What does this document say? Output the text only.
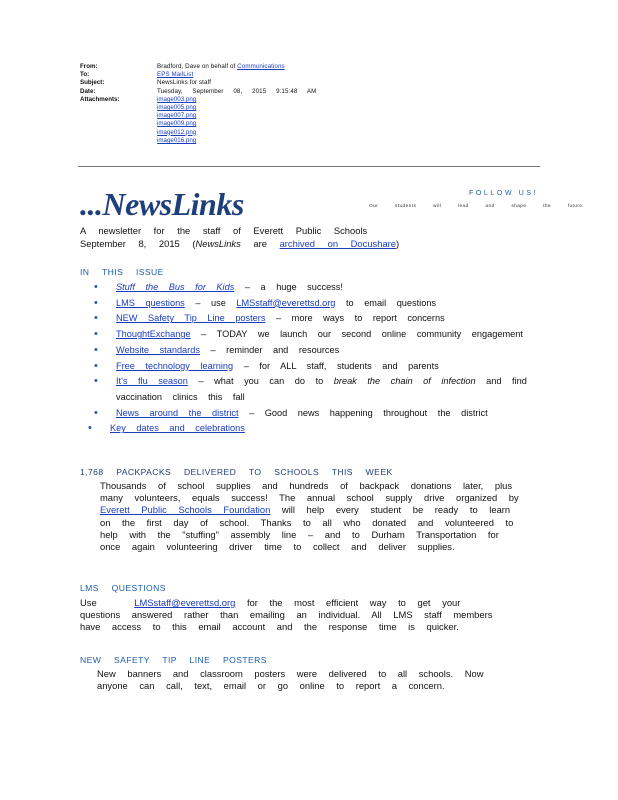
From:	Bradford, Dave on behalf of Communications
To:	EPS MailList
Subject:	NewsLinks for staff
Date:	Tuesday, September 08, 2015 9:15:48 AM
Attachments:	image003.png
image005.png
image007.png
image009.png
image012.png
image016.png
...NewsLinks	FOLLOW US!
Our students will lead and shape the future.
A newsletter for the staff of Everett Public Schools
September 8, 2015 (NewsLinks are archived on Docushare)
IN THIS ISSUE
• Stuff the Bus for Kids – a huge success!
• LMS questions – use LMSstaff@everettsd.org to email questions
• NEW Safety Tip Line posters – more ways to report concerns
• ThoughtExchange – TODAY we launch our second online community engagement
• Website standards – reminder and resources
• Free technology learning – for ALL staff, students and parents
• It's flu season – what you can do to break the chain of infection and find vaccination clinics this fall
• News around the district – Good news happening throughout the district
• Key dates and celebrations
1,768 PACKPACKS DELIVERED TO SCHOOLS THIS WEEK
Thousands of school supplies and hundreds of backpack donations later, plus many volunteers, equals success! The annual school supply drive organized by Everett Public Schools Foundation will help every student be ready to learn on the first day of school. Thanks to all who donated and volunteered to help with the "stuffing" assembly line – and to Durham Transportation for once again volunteering driver time to collect and deliver supplies.
LMS QUESTIONS
Use	LMSstaff@everettsd.org for the most efficient way to get your questions answered rather than emailing an individual. All LMS staff members have access to this email account and the response time is quicker.
NEW SAFETY TIP LINE POSTERS
New banners and classroom posters were delivered to all schools. Now anyone can call, text, email or go online to report a concern.
